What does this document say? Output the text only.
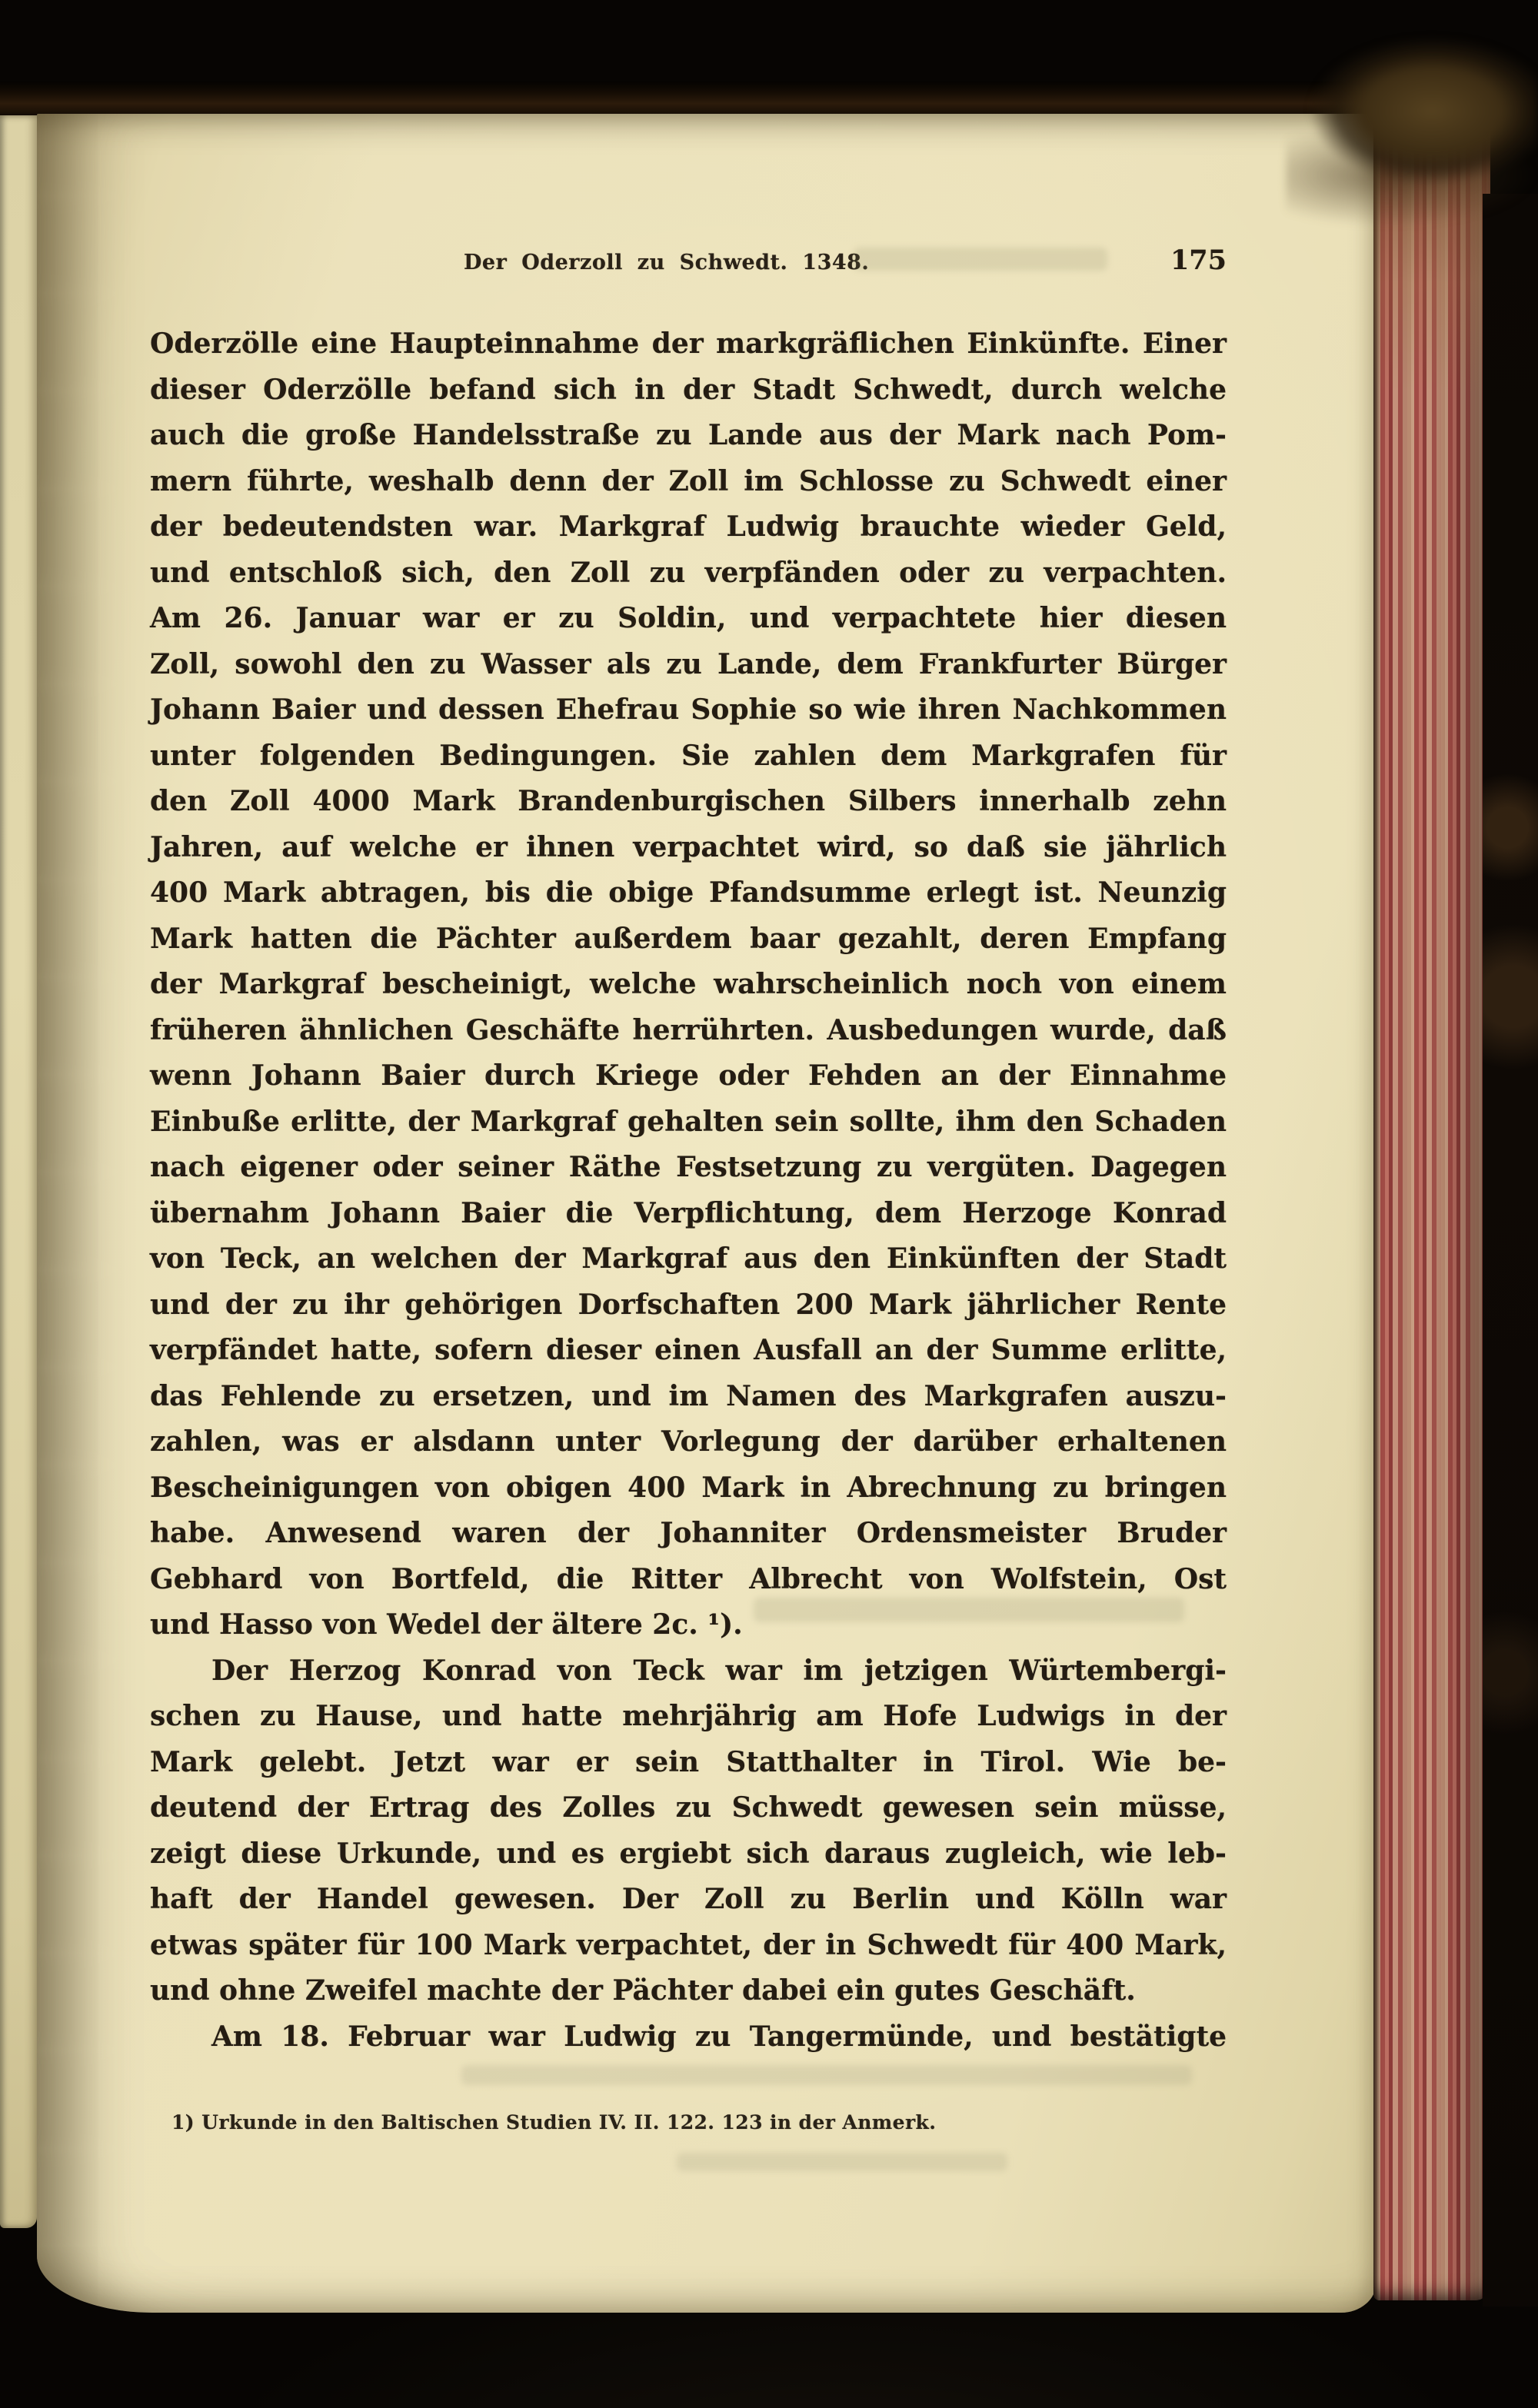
Der Oderzoll zu Schwedt. 1348.	175
Oderzölle eine Haupteinnahme der markgräflichen Einkünfte. Einer
dieser Oderzölle befand sich in der Stadt Schwedt, durch welche
auch die große Handelsstraße zu Lande aus der Mark nach Pom-
mern führte, weshalb denn der Zoll im Schlosse zu Schwedt einer
der bedeutendsten war. Markgraf Ludwig brauchte wieder Geld,
und entschloß sich, den Zoll zu verpfänden oder zu verpachten.
Am 26. Januar war er zu Soldin, und verpachtete hier diesen
Zoll, sowohl den zu Wasser als zu Lande, dem Frankfurter Bürger
Johann Baier und dessen Ehefrau Sophie so wie ihren Nachkommen
unter folgenden Bedingungen. Sie zahlen dem Markgrafen für
den Zoll 4000 Mark Brandenburgischen Silbers innerhalb zehn
Jahren, auf welche er ihnen verpachtet wird, so daß sie jährlich
400 Mark abtragen, bis die obige Pfandsumme erlegt ist. Neunzig
Mark hatten die Pächter außerdem baar gezahlt, deren Empfang
der Markgraf bescheinigt, welche wahrscheinlich noch von einem
früheren ähnlichen Geschäfte herrührten. Ausbedungen wurde, daß
wenn Johann Baier durch Kriege oder Fehden an der Einnahme
Einbuße erlitte, der Markgraf gehalten sein sollte, ihm den Schaden
nach eigener oder seiner Räthe Festsetzung zu vergüten. Dagegen
übernahm Johann Baier die Verpflichtung, dem Herzoge Konrad
von Teck, an welchen der Markgraf aus den Einkünften der Stadt
und der zu ihr gehörigen Dorfschaften 200 Mark jährlicher Rente
verpfändet hatte, sofern dieser einen Ausfall an der Summe erlitte,
das Fehlende zu ersetzen, und im Namen des Markgrafen auszu-
zahlen, was er alsdann unter Vorlegung der darüber erhaltenen
Bescheinigungen von obigen 400 Mark in Abrechnung zu bringen
habe. Anwesend waren der Johanniter Ordensmeister Bruder
Gebhard von Bortfeld, die Ritter Albrecht von Wolfstein, Ost
und Hasso von Wedel der ältere 2c. ¹).
Der Herzog Konrad von Teck war im jetzigen Würtembergi-
schen zu Hause, und hatte mehrjährig am Hofe Ludwigs in der
Mark gelebt. Jetzt war er sein Statthalter in Tirol. Wie be-
deutend der Ertrag des Zolles zu Schwedt gewesen sein müsse,
zeigt diese Urkunde, und es ergiebt sich daraus zugleich, wie leb-
haft der Handel gewesen. Der Zoll zu Berlin und Kölln war
etwas später für 100 Mark verpachtet, der in Schwedt für 400 Mark,
und ohne Zweifel machte der Pächter dabei ein gutes Geschäft.
Am 18. Februar war Ludwig zu Tangermünde, und bestätigte
1) Urkunde in den Baltischen Studien IV. II. 122. 123 in der Anmerk.
